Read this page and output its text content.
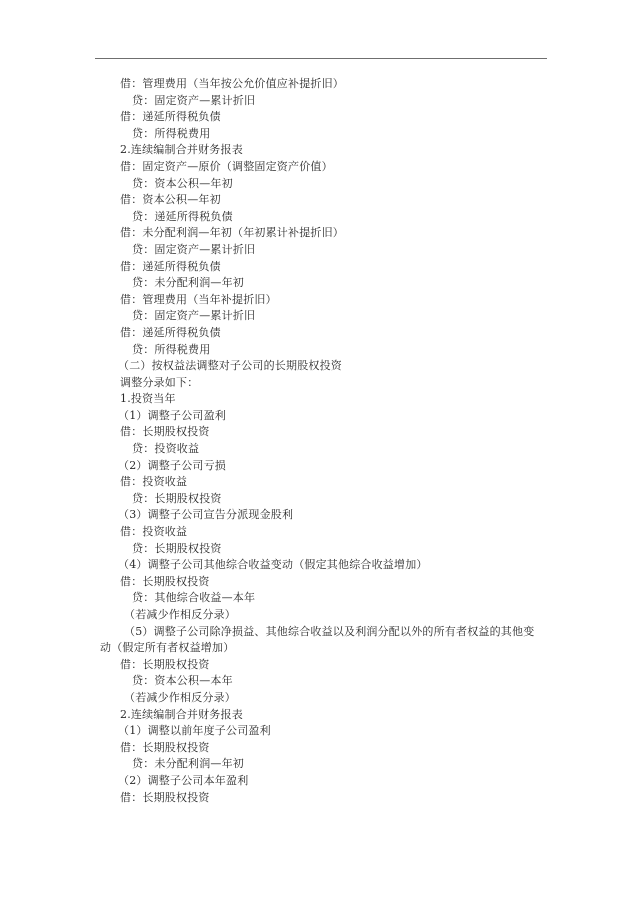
借：管理费用（当年按公允价值应补提折旧）
贷：固定资产—累计折旧
借：递延所得税负债
贷：所得税费用
2.连续编制合并财务报表
借：固定资产—原价（调整固定资产价值）
贷：资本公积—年初
借：资本公积—年初
贷：递延所得税负债
借：未分配利润—年初（年初累计补提折旧）
贷：固定资产—累计折旧
借：递延所得税负债
贷：未分配利润—年初
借：管理费用（当年补提折旧）
贷：固定资产—累计折旧
借：递延所得税负债
贷：所得税费用
（二）按权益法调整对子公司的长期股权投资
调整分录如下：
1.投资当年
（1）调整子公司盈利
借：长期股权投资
贷：投资收益
（2）调整子公司亏损
借：投资收益
贷：长期股权投资
（3）调整子公司宣告分派现金股利
借：投资收益
贷：长期股权投资
（4）调整子公司其他综合收益变动（假定其他综合收益增加）
借：长期股权投资
贷：其他综合收益—本年
（若减少作相反分录）
（5）调整子公司除净损益、其他综合收益以及利润分配以外的所有者权益的其他变动（假定所有者权益增加）
借：长期股权投资
贷：资本公积—本年
（若减少作相反分录）
2.连续编制合并财务报表
（1）调整以前年度子公司盈利
借：长期股权投资
贷：未分配利润—年初
（2）调整子公司本年盈利
借：长期股权投资
